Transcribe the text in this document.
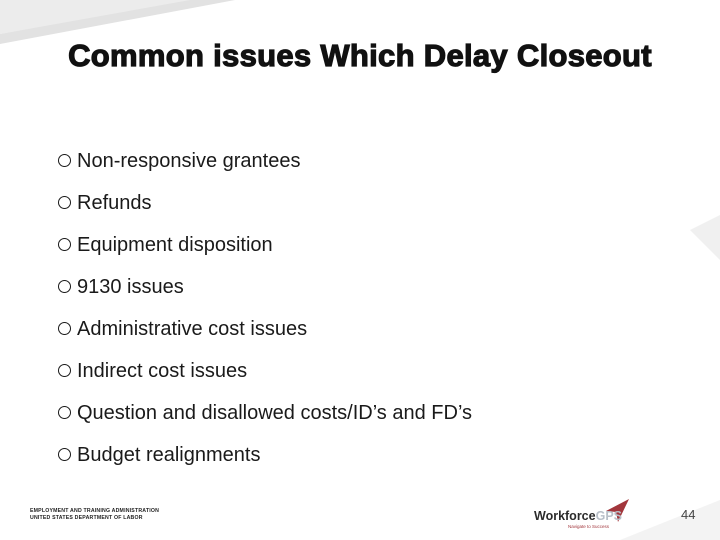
Common issues Which Delay Closeout
Non-responsive grantees
Refunds
Equipment disposition
9130 issues
Administrative cost issues
Indirect cost issues
Question and disallowed costs/ID’s and FD’s
Budget realignments
EMPLOYMENT AND TRAINING ADMINISTRATION
UNITED STATES DEPARTMENT OF LABOR	WorkforceGPS
Navigate to Success
44
